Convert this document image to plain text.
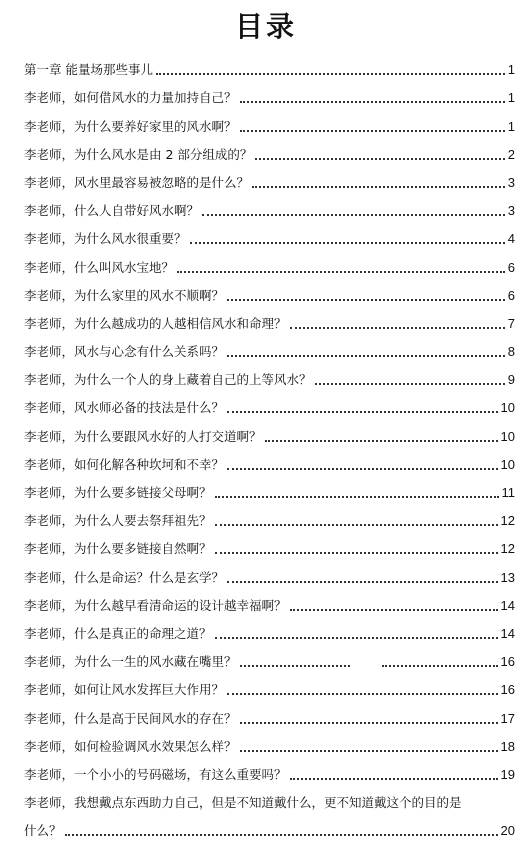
目录
第一章 能量场那些事儿	1
李老师，如何借风水的力量加持自己？	1
李老师，为什么要养好家里的风水啊？	1
李老师，为什么风水是由 2 部分组成的？	2
李老师，风水里最容易被忽略的是什么？	3
李老师，什么人自带好风水啊？	3
李老师，为什么风水很重要？	4
李老师，什么叫风水宝地？	6
李老师，为什么家里的风水不顺啊？	6
李老师，为什么越成功的人越相信风水和命理？	7
李老师，风水与心念有什么关系吗？	8
李老师，为什么一个人的身上藏着自己的上等风水？	9
李老师，风水师必备的技法是什么？	10
李老师，为什么要跟风水好的人打交道啊？	10
李老师，如何化解各种坎坷和不幸？	10
李老师，为什么要多链接父母啊？	11
李老师，为什么人要去祭拜祖先？	12
李老师，为什么要多链接自然啊？	12
李老师，什么是命运？什么是玄学？	13
李老师，为什么越早看清命运的设计越幸福啊？	14
李老师，什么是真正的命理之道？	14
李老师，为什么一生的风水藏在嘴里？	16
李老师，如何让风水发挥巨大作用？	16
李老师，什么是高于民间风水的存在？	17
李老师，如何检验调风水效果怎么样？	18
李老师，一个小小的号码磁场，有这么重要吗？	19
李老师，我想戴点东西助力自己，但是不知道戴什么，更不知道戴这个的目的是
什么？	20
